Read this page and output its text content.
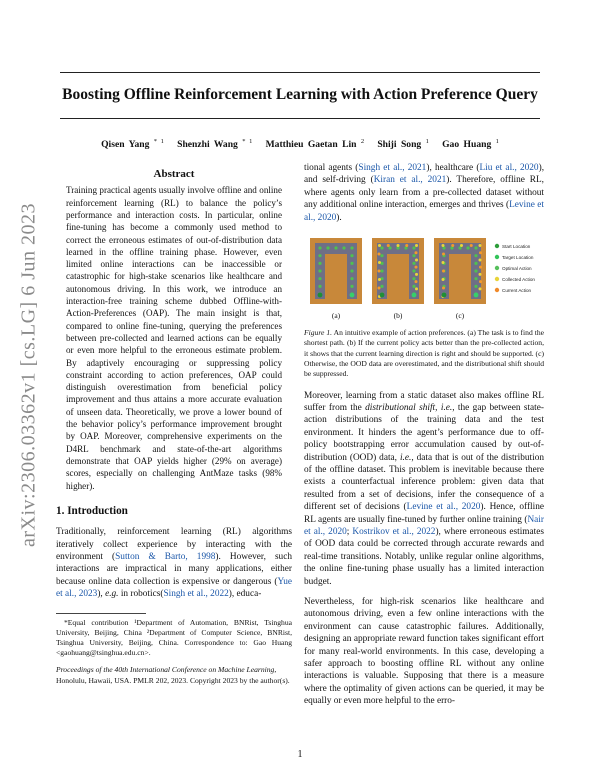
arXiv:2306.03362v1 [cs.LG] 6 Jun 2023
Boosting Offline Reinforcement Learning with Action Preference Query
Qisen Yang $^{* 1}$ Shenzhi Wang $^{* 1}$ Matthieu Gaetan Lin $^2$ Shiji Song $^1$ Gao Huang $^1$
Abstract
Training practical agents usually involve offline and online reinforcement learning (RL) to balance the policy’s performance and interaction costs. In particular, online fine-tuning has become a commonly used method to correct the erroneous estimates of out-of-distribution data learned in the offline training phase. However, even limited online interactions can be inaccessible or catastrophic for high-stake scenarios like healthcare and autonomous driving. In this work, we introduce an interaction-free training scheme dubbed Offline-with-Action-Preferences (OAP). The main insight is that, compared to online fine-tuning, querying the preferences between pre-collected and learned actions can be equally or even more helpful to the erroneous estimate problem. By adaptively encouraging or suppressing policy constraint according to action preferences, OAP could distinguish overestimation from beneficial policy improvement and thus attains a more accurate evaluation of unseen data. Theoretically, we prove a lower bound of the behavior policy’s performance improvement brought by OAP. Moreover, comprehensive experiments on the D4RL benchmark and state-of-the-art algorithms demonstrate that OAP yields higher (29% on average) scores, especially on challenging AntMaze tasks (98% higher).
1. Introduction

Traditionally, reinforcement learning (RL) algorithms iteratively collect experience by interacting with the environment (Sutton & Barto, 1998). However, such interactions are impractical in many applications, either because online data collection is expensive or dangerous (Yue et al., 2023), e.g. in robotics(Singh et al., 2022), educa-

*Equal contribution ¹Department of Automation, BNRist, Tsinghua University, Beijing, China ²Department of Computer Science, BNRist, Tsinghua University, Beijing, China. Correspondence to: Gao Huang <gaohuang@tsinghua.edu.cn>.

Proceedings of the 40th International Conference on Machine Learning, Honolulu, Hawaii, USA. PMLR 202, 2023. Copyright 2023 by the author(s).

tional agents (Singh et al., 2021), healthcare (Liu et al., 2020), and self-driving (Kiran et al., 2021). Therefore, offline RL, where agents only learn from a pre-collected dataset without any additional online interaction, emerges and thrives (Levine et al., 2020).

(a)	(b)	(c)
Start Location
Target Location
Optimal Action
Collected Action
Current Action

Figure 1. An intuitive example of action preferences. (a) The task is to find the shortest path. (b) If the current policy acts better than the pre-collected action, it shows that the current learning direction is right and should be supported. (c) Otherwise, the OOD data are overestimated, and the distributional shift should be suppressed.

Moreover, learning from a static dataset also makes offline RL suffer from the distributional shift, i.e., the gap between state-action distributions of the training data and the test environment. It hinders the agent’s performance due to off-policy bootstrapping error accumulation caused by out-of-distribution (OOD) data, i.e., data that is out of the distribution of the offline dataset. This problem is inevitable because there exists a counterfactual inference problem: given data that resulted from a set of decisions, infer the consequence of a different set of decisions (Levine et al., 2020). Hence, offline RL agents are usually fine-tuned by further online training (Nair et al., 2020; Kostrikov et al., 2022), where erroneous estimates of OOD data could be corrected through accurate rewards and real-time transitions. Notably, unlike regular online algorithms, the online fine-tuning phase usually has a limited interaction budget.

Nevertheless, for high-risk scenarios like healthcare and autonomous driving, even a few online interactions with the environment can cause catastrophic failures. Additionally, designing an appropriate reward function takes significant effort for many real-world environments. In this case, developing a safer approach to boosting offline RL without any online interactions is valuable. Supposing that there is a measure where the optimality of given actions can be queried, it may be equally or even more helpful to the erro-

1
